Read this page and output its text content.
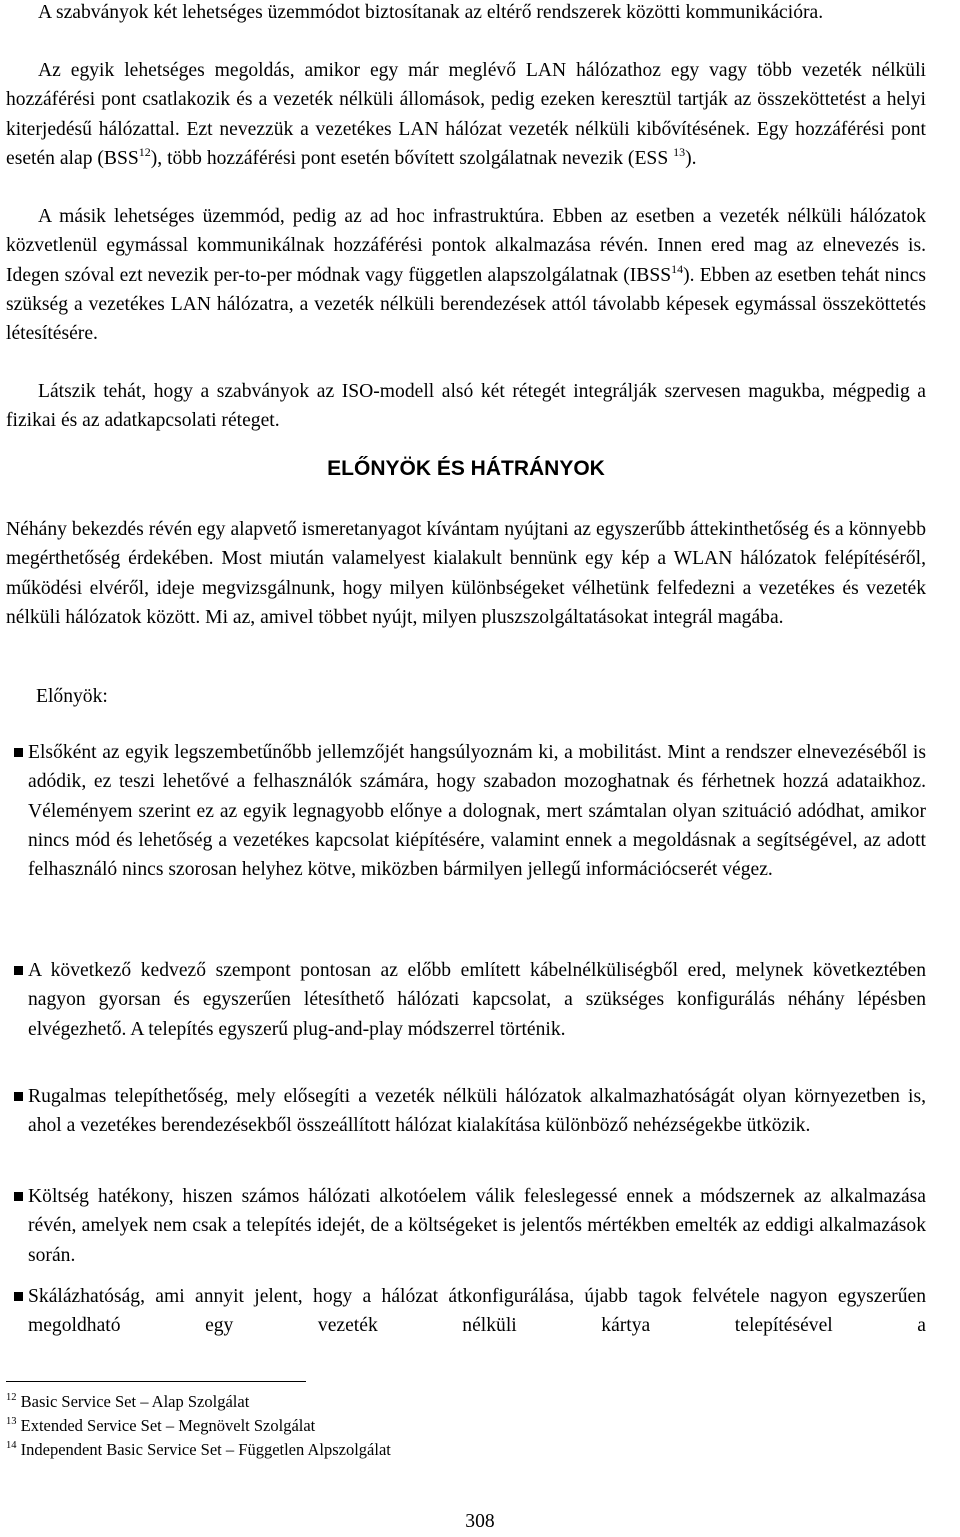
A szabványok két lehetséges üzemmódot biztosítanak az eltérő rendszerek közötti kommunikációra.

Az egyik lehetséges megoldás, amikor egy már meglévő LAN hálózathoz egy vagy több vezeték nélküli hozzáférési pont csatlakozik és a vezeték nélküli állomások, pedig ezeken keresztül tartják az összeköttetést a helyi kiterjedésű hálózattal. Ezt nevezzük a vezetékes LAN hálózat vezeték nélküli kibővítésének. Egy hozzáférési pont esetén alap (BSS$^{12}$), több hozzáférési pont esetén bővített szolgálatnak nevezik (ESS $^{13}$).

A másik lehetséges üzemmód, pedig az ad hoc infrastruktúra. Ebben az esetben a vezeték nélküli hálózatok közvetlenül egymással kommunikálnak hozzáférési pontok alkalmazása révén. Innen ered mag az elnevezés is. Idegen szóval ezt nevezik per-to-per módnak vagy független alapszolgálatnak (IBSS$^{14}$). Ebben az esetben tehát nincs szükség a vezetékes LAN hálózatra, a vezeték nélküli berendezések attól távolabb képesek egymással összeköttetés létesítésére.

Látszik tehát, hogy a szabványok az ISO-modell alsó két rétegét integrálják szervesen magukba, mégpedig a fizikai és az adatkapcsolati réteget.

ELŐNYÖK ÉS HÁTRÁNYOK

Néhány bekezdés révén egy alapvető ismeretanyagot kívántam nyújtani az egyszerűbb áttekinthetőség és a könnyebb megérthetőség érdekében. Most miután valamelyest kialakult bennünk egy kép a WLAN hálózatok felépítéséről, működési elvéről, ideje megvizsgálnunk, hogy milyen különbségeket vélhetünk felfedezni a vezetékes és vezeték nélküli hálózatok között. Mi az, amivel többet nyújt, milyen pluszszolgáltatásokat integrál magába.

Előnyök:

Elsőként az egyik legszembetűnőbb jellemzőjét hangsúlyoznám ki, a mobilitást. Mint a rendszer elnevezéséből is adódik, ez teszi lehetővé a felhasználók számára, hogy szabadon mozoghatnak és férhetnek hozzá adataikhoz. Véleményem szerint ez az egyik legnagyobb előnye a dolognak, mert számtalan olyan szituáció adódhat, amikor nincs mód és lehetőség a vezetékes kapcsolat kiépítésére, valamint ennek a megoldásnak a segítségével, az adott felhasználó nincs szorosan helyhez kötve, miközben bármilyen jellegű információcserét végez.

A következő kedvező szempont pontosan az előbb említett kábelnélküliségből ered, melynek következtében nagyon gyorsan és egyszerűen létesíthető hálózati kapcsolat, a szükséges konfigurálás néhány lépésben elvégezhető. A telepítés egyszerű plug-and-play módszerrel történik.

Rugalmas telepíthetőség, mely elősegíti a vezeték nélküli hálózatok alkalmazhatóságát olyan környezetben is, ahol a vezetékes berendezésekből összeállított hálózat kialakítása különböző nehézségekbe ütközik.

Költség hatékony, hiszen számos hálózati alkotóelem válik feleslegessé ennek a módszernek az alkalmazása révén, amelyek nem csak a telepítés idejét, de a költségeket is jelentős mértékben emelték az eddigi alkalmazások során.

Skálázhatóság, ami annyit jelent, hogy a hálózat átkonfigurálása, újabb tagok felvétele nagyon egyszerűen megoldható egy vezeték nélküli kártya telepítésével a

$^{12}$ Basic Service Set – Alap Szolgálat
$^{13}$ Extended Service Set – Megnövelt Szolgálat
$^{14}$ Independent Basic Service Set – Független Alpszolgálat
308
